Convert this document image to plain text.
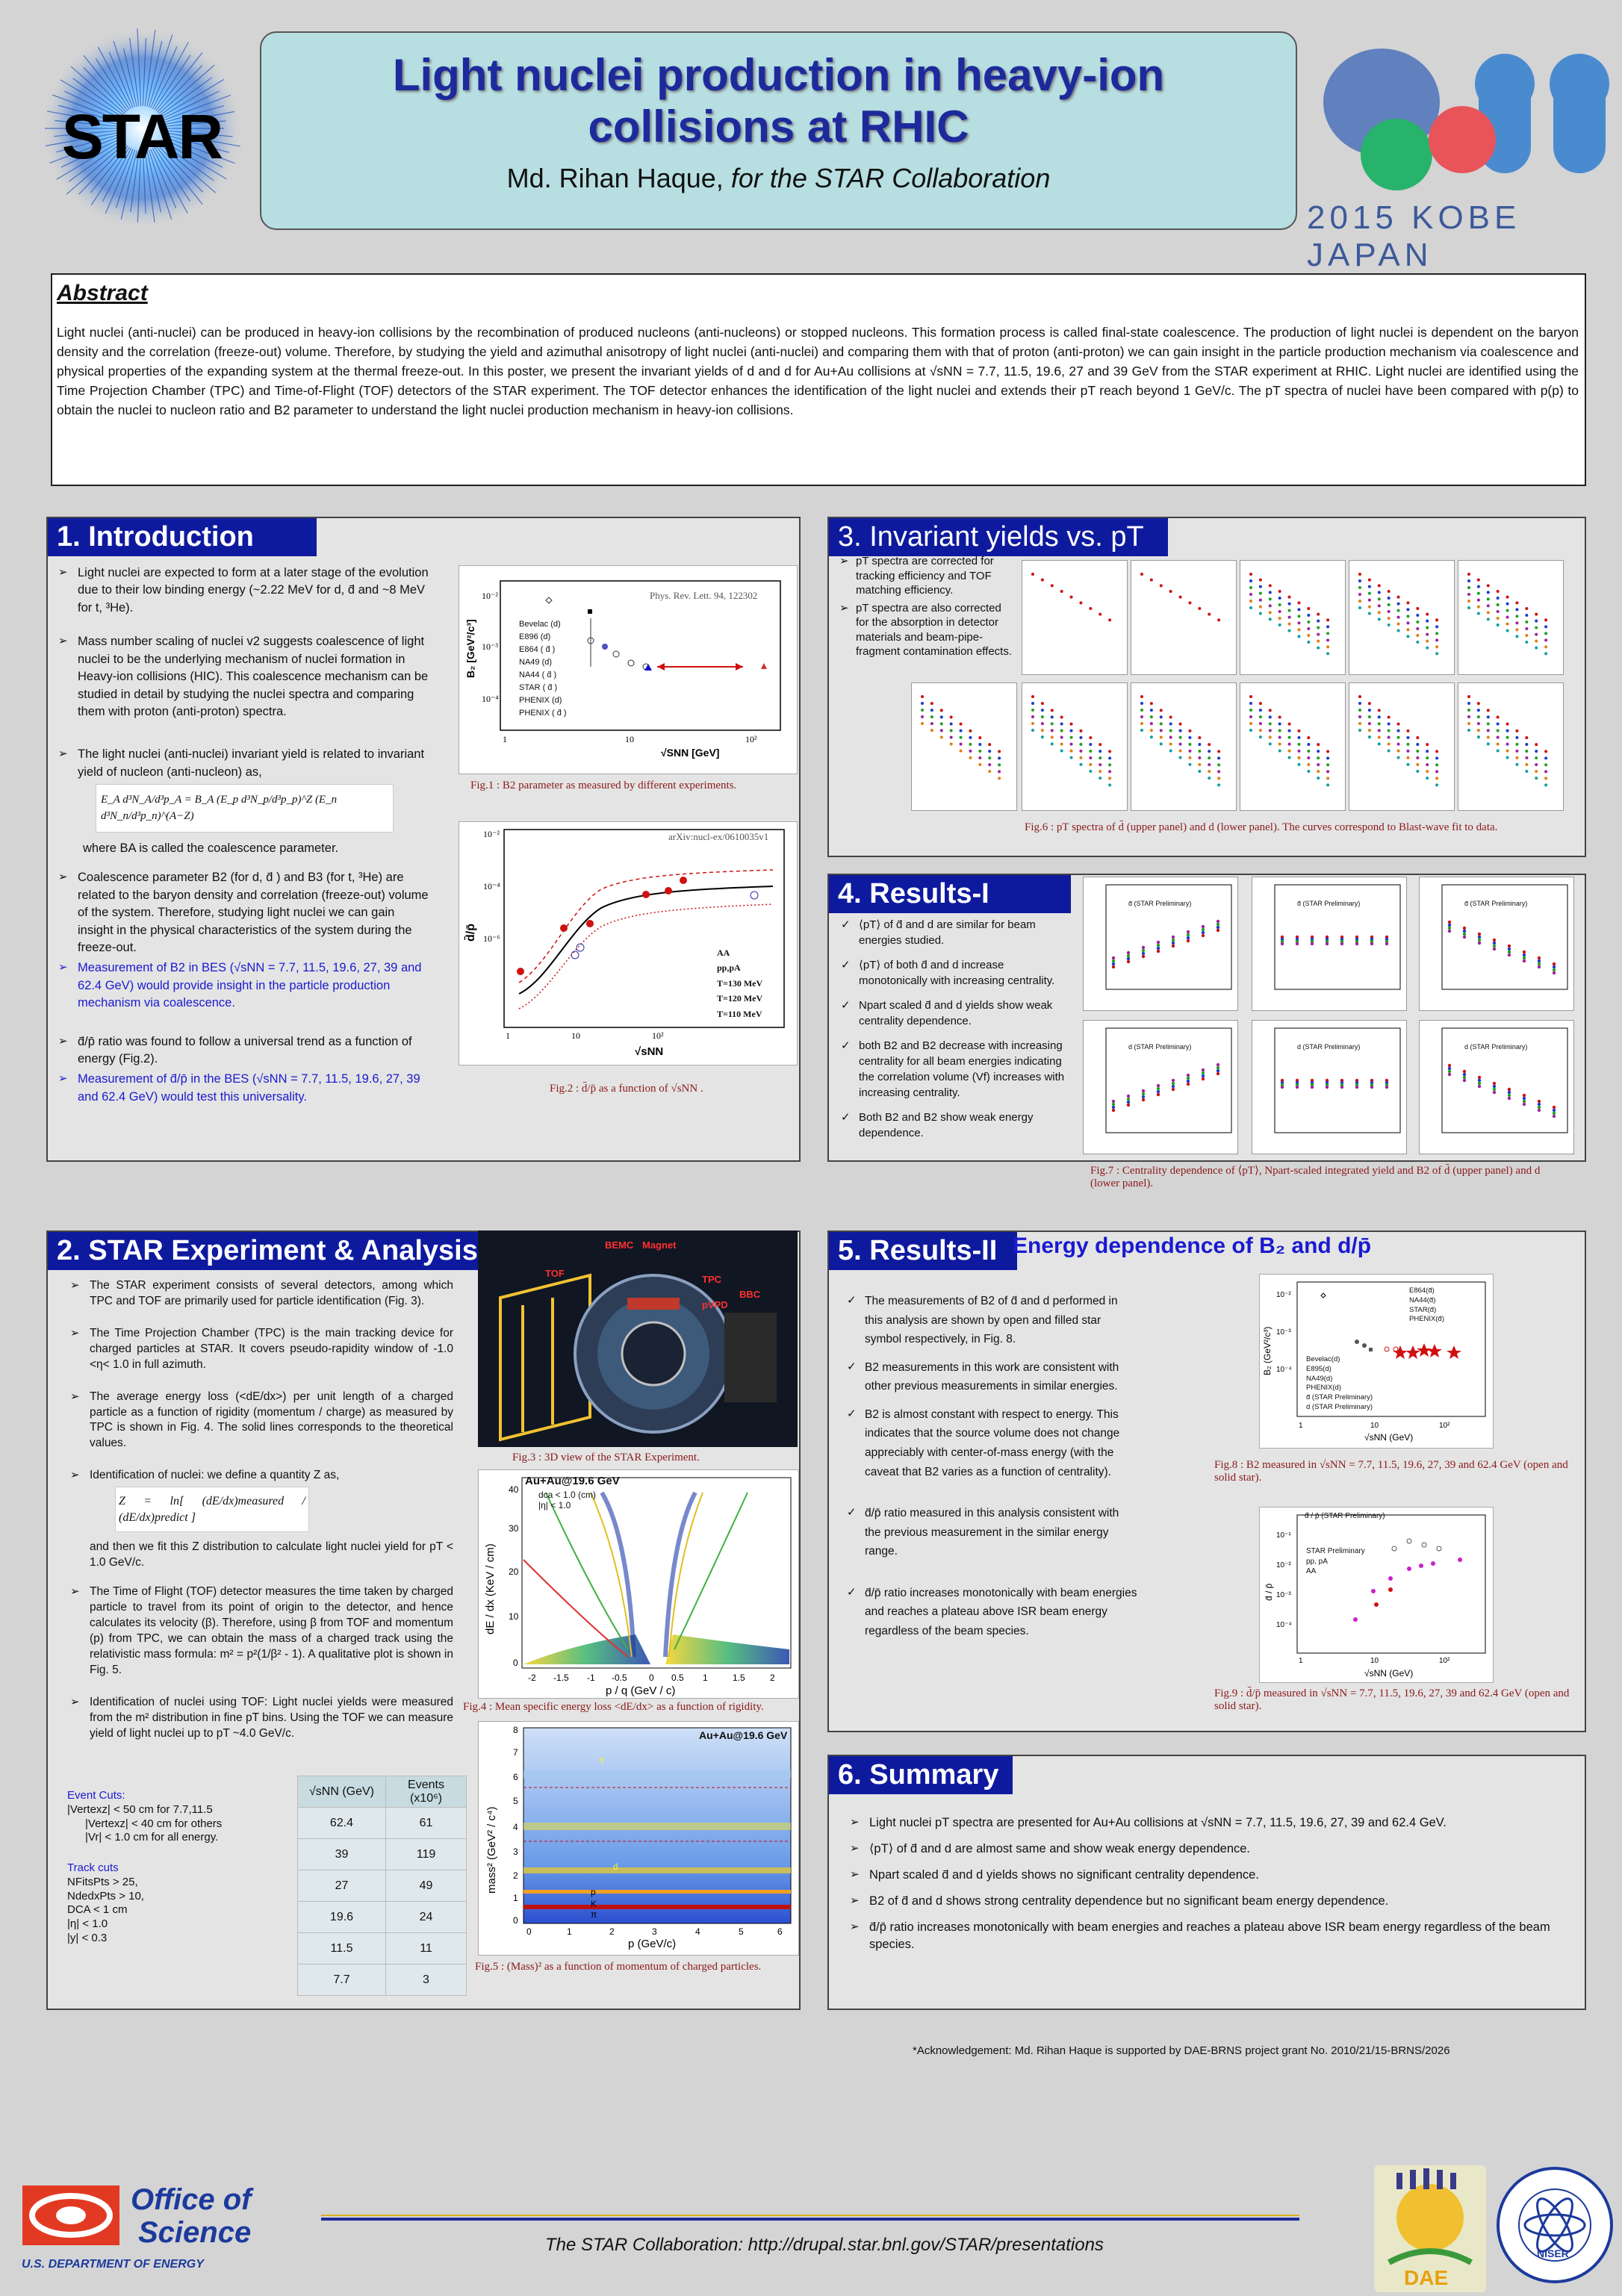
STAR
Light nuclei production in heavy-ion
collisions at RHIC
Md. Rihan Haque, for the STAR Collaboration
2015 KOBE JAPAN
Abstract
Light nuclei (anti-nuclei) can be produced in heavy-ion collisions by the recombination of produced nucleons (anti-nucleons) or stopped nucleons. This formation process is called final-state coalescence. The production of light nuclei is dependent on the baryon density and the correlation (freeze-out) volume. Therefore, by studying the yield and azimuthal anisotropy of light nuclei (anti-nuclei) and comparing them with that of proton (anti-proton) we can gain insight in the particle production mechanism via coalescence and physical properties of the expanding system at the thermal freeze-out. In this poster, we present the invariant yields of d and d for Au+Au collisions at √sNN = 7.7, 11.5, 19.6, 27 and 39 GeV from the STAR experiment at RHIC. Light nuclei are identified using the Time Projection Chamber (TPC) and Time-of-Flight (TOF) detectors of the STAR experiment. The TOF detector enhances the identification of the light nuclei and extends their pT reach beyond 1 GeV/c. The pT spectra of nuclei have been compared with p(p) to obtain the nuclei to nucleon ratio and B2 parameter to understand the light nuclei production mechanism in heavy-ion collisions.
1. Introduction
➢ Light nuclei are expected to form at a later stage of the evolution due to their low binding energy (~2.22 MeV for d, d̄ and ~8 MeV for t, ³He).
➢ Mass number scaling of nuclei v2 suggests coalescence of light nuclei to be the underlying mechanism of nuclei formation in Heavy-ion collisions (HIC). This coalescence mechanism can be studied in detail by studying the nuclei spectra and comparing them with proton (anti-proton) spectra.
➢ The light nuclei (anti-nuclei) invariant yield is related to invariant yield of nucleon (anti-nucleon) as,
E_A d³N_A/d³p_A = B_A (E_p d³N_p/d³p_p)^Z (E_n d³N_n/d³p_n)^(A−Z)
where BA is called the coalescence parameter.
➢ Coalescence parameter B2 (for d, d̄ ) and B3 (for t, ³He) are related to the baryon density and correlation (freeze-out) volume of the system. Therefore, studying light nuclei we can gain insight in the physical characteristics of the system during the freeze-out.
➢ Measurement of B2 in BES (√sNN = 7.7, 11.5, 19.6, 27, 39 and 62.4 GeV) would provide insight in the particle production mechanism via coalescence.
➢ d̄/p̄ ratio was found to follow a universal trend as a function of energy (Fig.2).
➢ Measurement of d̄/p̄ in the BES (√sNN = 7.7, 11.5, 19.6, 27, 39 and 62.4 GeV) would test this universality.
10⁻²
10⁻³
10⁻⁴
1	10	10²
√SNN [GeV]
B₂ [GeV²/c³]
Phys. Rev. Lett. 94, 122302
Bevelac (d)
E896 (d)
E864 ( d̄ )
NA49 (d)
NA44 ( d̄ )
STAR ( d̄ )
PHENIX (d)
PHENIX ( d̄ )
Fig.1 : B2 parameter as measured by different experiments.
10⁻²
10⁻⁴
10⁻⁶
1	10	10²
√sNN
d̄/p̄
arXiv:nucl-ex/0610035v1
AA
pp,pA
T=130 MeV
T=120 MeV
T=110 MeV
Fig.2 : d̄/p̄ as a function of √sNN .
3. Invariant yields vs. pT
➢ pT spectra are corrected for tracking efficiency and TOF matching efficiency.
➢ pT spectra are also corrected for the absorption in detector materials and beam-pipe-fragment contamination effects.
Fig.6 : pT spectra of d̄ (upper panel) and d (lower panel). The curves correspond to Blast-wave fit to data.
4. Results-I
✓ ⟨pT⟩ of d̄ and d are similar for beam energies studied.
✓ ⟨pT⟩ of both d̄ and d increase monotonically with increasing centrality.
✓ Npart scaled d̄ and d yields show weak centrality dependence.
✓ both B2 and B2 decrease with increasing centrality for all beam energies indicating the correlation volume (Vf) increases with increasing centrality.
✓ Both B2 and B2 show weak energy dependence.
d̄ (STAR Preliminary)	d̄ (STAR Preliminary)	d̄ (STAR Preliminary)
d (STAR Preliminary)	d (STAR Preliminary)	d (STAR Preliminary)
Fig.7 : Centrality dependence of ⟨pT⟩, Npart-scaled integrated yield and B2 of d̄ (upper panel) and d (lower panel).
2. STAR Experiment & Analysis
➢ The STAR experiment consists of several detectors, among which TPC and TOF are primarily used for particle identification (Fig. 3).
➢ The Time Projection Chamber (TPC) is the main tracking device for charged particles at STAR. It covers pseudo-rapidity window of -1.0 <η< 1.0 in full azimuth.
➢ The average energy loss (<dE/dx>) per unit length of a charged particle as a function of rigidity (momentum / charge) as measured by TPC is shown in Fig. 4. The solid lines corresponds to the theoretical values.
➢ Identification of nuclei: we define a quantity Z as,
Z = ln[ (dE/dx)measured / (dE/dx)predict ]
and then we fit this Z distribution to calculate light nuclei yield for pT < 1.0 GeV/c.
➢ The Time of Flight (TOF) detector measures the time taken by charged particle to travel from its point of origin to the detector, and hence calculates its velocity (β). Therefore, using β from TOF and momentum (p) from TPC, we can obtain the mass of a charged track using the relativistic mass formula: m² = p²(1/β² - 1). A qualitative plot is shown in Fig. 5.
➢ Identification of nuclei using TOF: Light nuclei yields were measured from the m² distribution in fine pT bins. Using the TOF we can measure yield of light nuclei up to pT ~4.0 GeV/c.
Event Cuts:
|Vertexz| < 50 cm for 7.7,11.5
|Vertexz| < 40 cm for others
|Vr| < 1.0 cm for all energy.
Track cuts
NFitsPts > 25,
NdedxPts > 10,
DCA < 1 cm
|η| < 1.0
|y| < 0.3
√sNN (GeV)	Events (x10⁶)
62.4	61
39	119
27	49
19.6	24
11.5	11
7.7	3
BEMC Magnet
TOF
TPC
BBC
pVPD
Fig.3 : 3D view of the STAR Experiment.
-2 -1.5 -1 -0.5 0 0.5 1	1.5	2
40
30
20
10
0
p / q (GeV / c)
dE / dx (KeV / cm)
Au+Au@19.6 GeV
dca < 1.0 (cm)
|η| < 1.0
Fig.4 : Mean specific energy loss <dE/dx> as a function of rigidity.
0	1	2	3	4	5	6
0
1
2
3
4
5
6
7
8
d
³t
p
K
π
p (GeV/c)
mass² (GeV² / c⁴)
Au+Au@19.6 GeV
Fig.5 : (Mass)² as a function of momentum of charged particles.
5. Results-II Energy dependence of B₂ and d/p̄
✓ The measurements of B2 of d̄ and d performed in this analysis are shown by open and filled star symbol respectively, in Fig. 8.
✓ B2 measurements in this work are consistent with other previous measurements in similar energies.
✓ B2 is almost constant with respect to energy. This indicates that the source volume does not change appreciably with center-of-mass energy (with the caveat that B2 varies as a function of centrality).
✓ d̄/p̄ ratio measured in this analysis consistent with the previous measurement in the similar energy range.
✓ d̄/p̄ ratio increases monotonically with beam energies and reaches a plateau above ISR beam energy regardless of the beam species.
10⁻²
10⁻³
10⁻⁴
1	10	10²
√sNN (GeV)
B₂ (GeV²/c³)
E864(d̄)
NA44(d̄)
STAR(d̄)
PHENIX(d̄)
Bevelac(d)
E895(d)
NA49(d)
PHENIX(d)
d̄ (STAR Preliminary)
d (STAR Preliminary)
Fig.8 : B2 measured in √sNN = 7.7, 11.5, 19.6, 27, 39 and 62.4 GeV (open and solid star).
10⁻¹
10⁻²
10⁻³
10⁻⁴
1	10	10²
√sNN (GeV)
d̄ / p̄
d̄ / p̄ (STAR Preliminary)
STAR Preliminary
pp, pA
AA
Fig.9 : d̄/p̄ measured in √sNN = 7.7, 11.5, 19.6, 27, 39 and 62.4 GeV (open and solid star).
6. Summary
➢ Light nuclei pT spectra are presented for Au+Au collisions at √sNN = 7.7, 11.5, 19.6, 27, 39 and 62.4 GeV.
➢ ⟨pT⟩ of d̄ and d are almost same and show weak energy dependence.
➢ Npart scaled d̄ and d yields shows no significant centrality dependence.
➢ B2 of d̄ and d shows strong centrality dependence but no significant beam energy dependence.
➢ d̄/p̄ ratio increases monotonically with beam energies and reaches a plateau above ISR beam energy regardless of the beam species.
*Acknowledgement: Md. Rihan Haque is supported by DAE-BRNS project grant No. 2010/21/15-BRNS/2026
Office of
Science
U.S. DEPARTMENT OF ENERGY
The STAR Collaboration: http://drupal.star.bnl.gov/STAR/presentations
DAE
NISER
